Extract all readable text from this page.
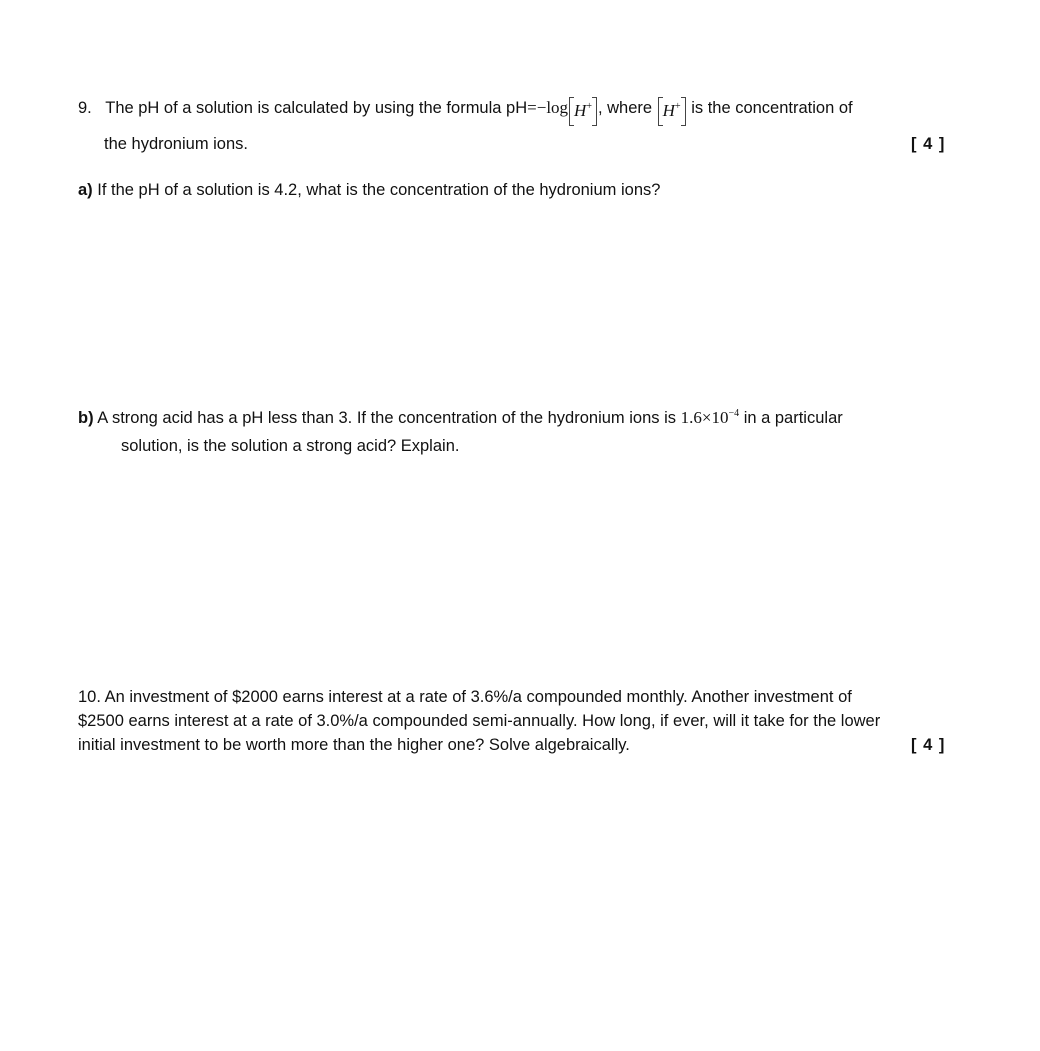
9. The pH of a solution is calculated by using the formula pH=−log H+ , where H+ is the concentration of
the hydronium ions.	[ 4 ]
a) If the pH of a solution is 4.2, what is the concentration of the hydronium ions?
b) A strong acid has a pH less than 3. If the concentration of the hydronium ions is $1.6\times 10^{-4}$ in a particular
solution, is the solution a strong acid? Explain.
10. An investment of $2000 earns interest at a rate of 3.6%/a compounded monthly. Another investment of
$2500 earns interest at a rate of 3.0%/a compounded semi-annually. How long, if ever, will it take for the lower
initial investment to be worth more than the higher one? Solve algebraically.	[ 4 ]
